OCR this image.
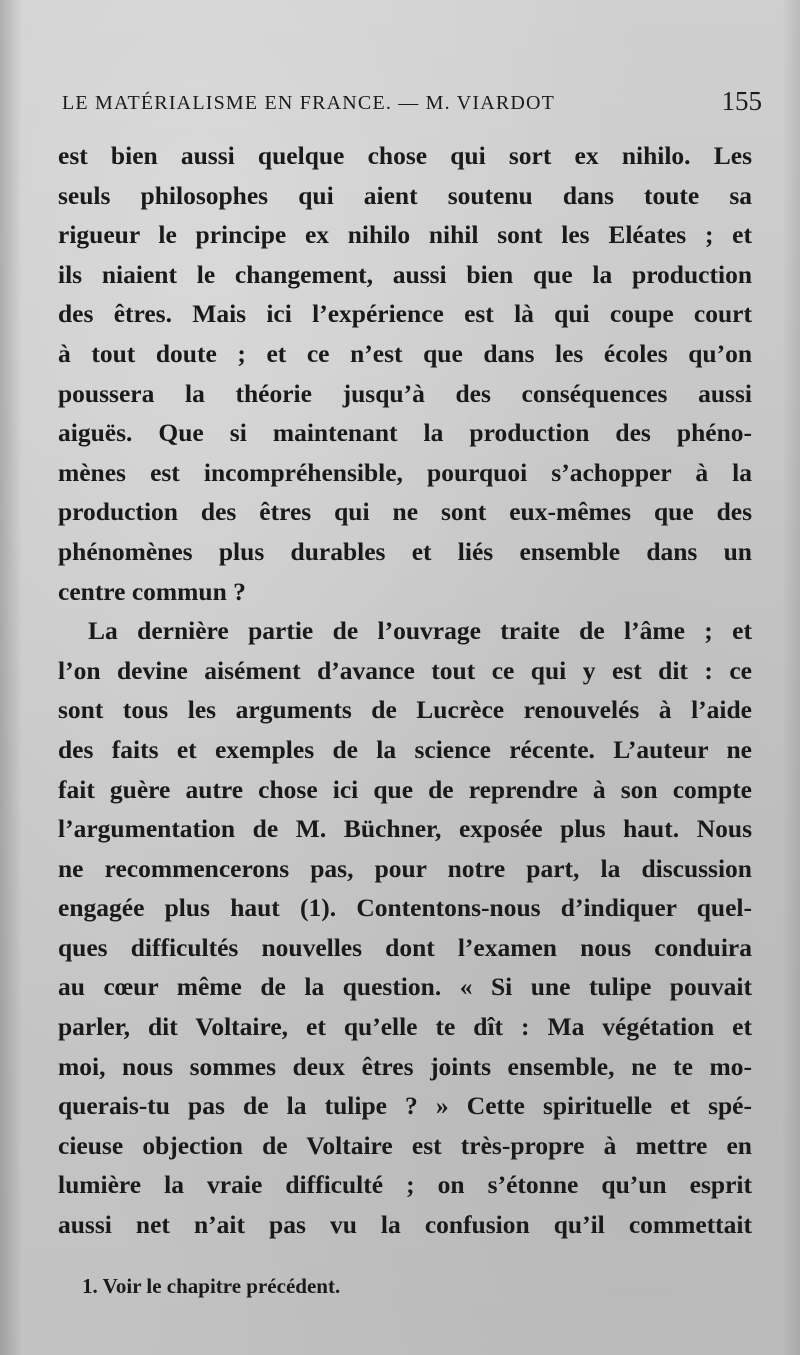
LE MATÉRIALISME EN FRANCE. — M. VIARDOT	155
est bien aussi quelque chose qui sort ex nihilo. Les
seuls philosophes qui aient soutenu dans toute sa
rigueur le principe ex nihilo nihil sont les Eléates ; et
ils niaient le changement, aussi bien que la production
des êtres. Mais ici l’expérience est là qui coupe court
à tout doute ; et ce n’est que dans les écoles qu’on
poussera la théorie jusqu’à des conséquences aussi
aiguës. Que si maintenant la production des phéno-
mènes est incompréhensible, pourquoi s’achopper à la
production des êtres qui ne sont eux-mêmes que des
phénomènes plus durables et liés ensemble dans un
centre commun ?
La dernière partie de l’ouvrage traite de l’âme ; et
l’on devine aisément d’avance tout ce qui y est dit : ce
sont tous les arguments de Lucrèce renouvelés à l’aide
des faits et exemples de la science récente. L’auteur ne
fait guère autre chose ici que de reprendre à son compte
l’argumentation de M. Büchner, exposée plus haut. Nous
ne recommencerons pas, pour notre part, la discussion
engagée plus haut (1). Contentons-nous d’indiquer quel-
ques difficultés nouvelles dont l’examen nous conduira
au cœur même de la question. « Si une tulipe pouvait
parler, dit Voltaire, et qu’elle te dît : Ma végétation et
moi, nous sommes deux êtres joints ensemble, ne te mo-
querais-tu pas de la tulipe ? » Cette spirituelle et spé-
cieuse objection de Voltaire est très-propre à mettre en
lumière la vraie difficulté ; on s’étonne qu’un esprit
aussi net n’ait pas vu la confusion qu’il commettait
1. Voir le chapitre précédent.
